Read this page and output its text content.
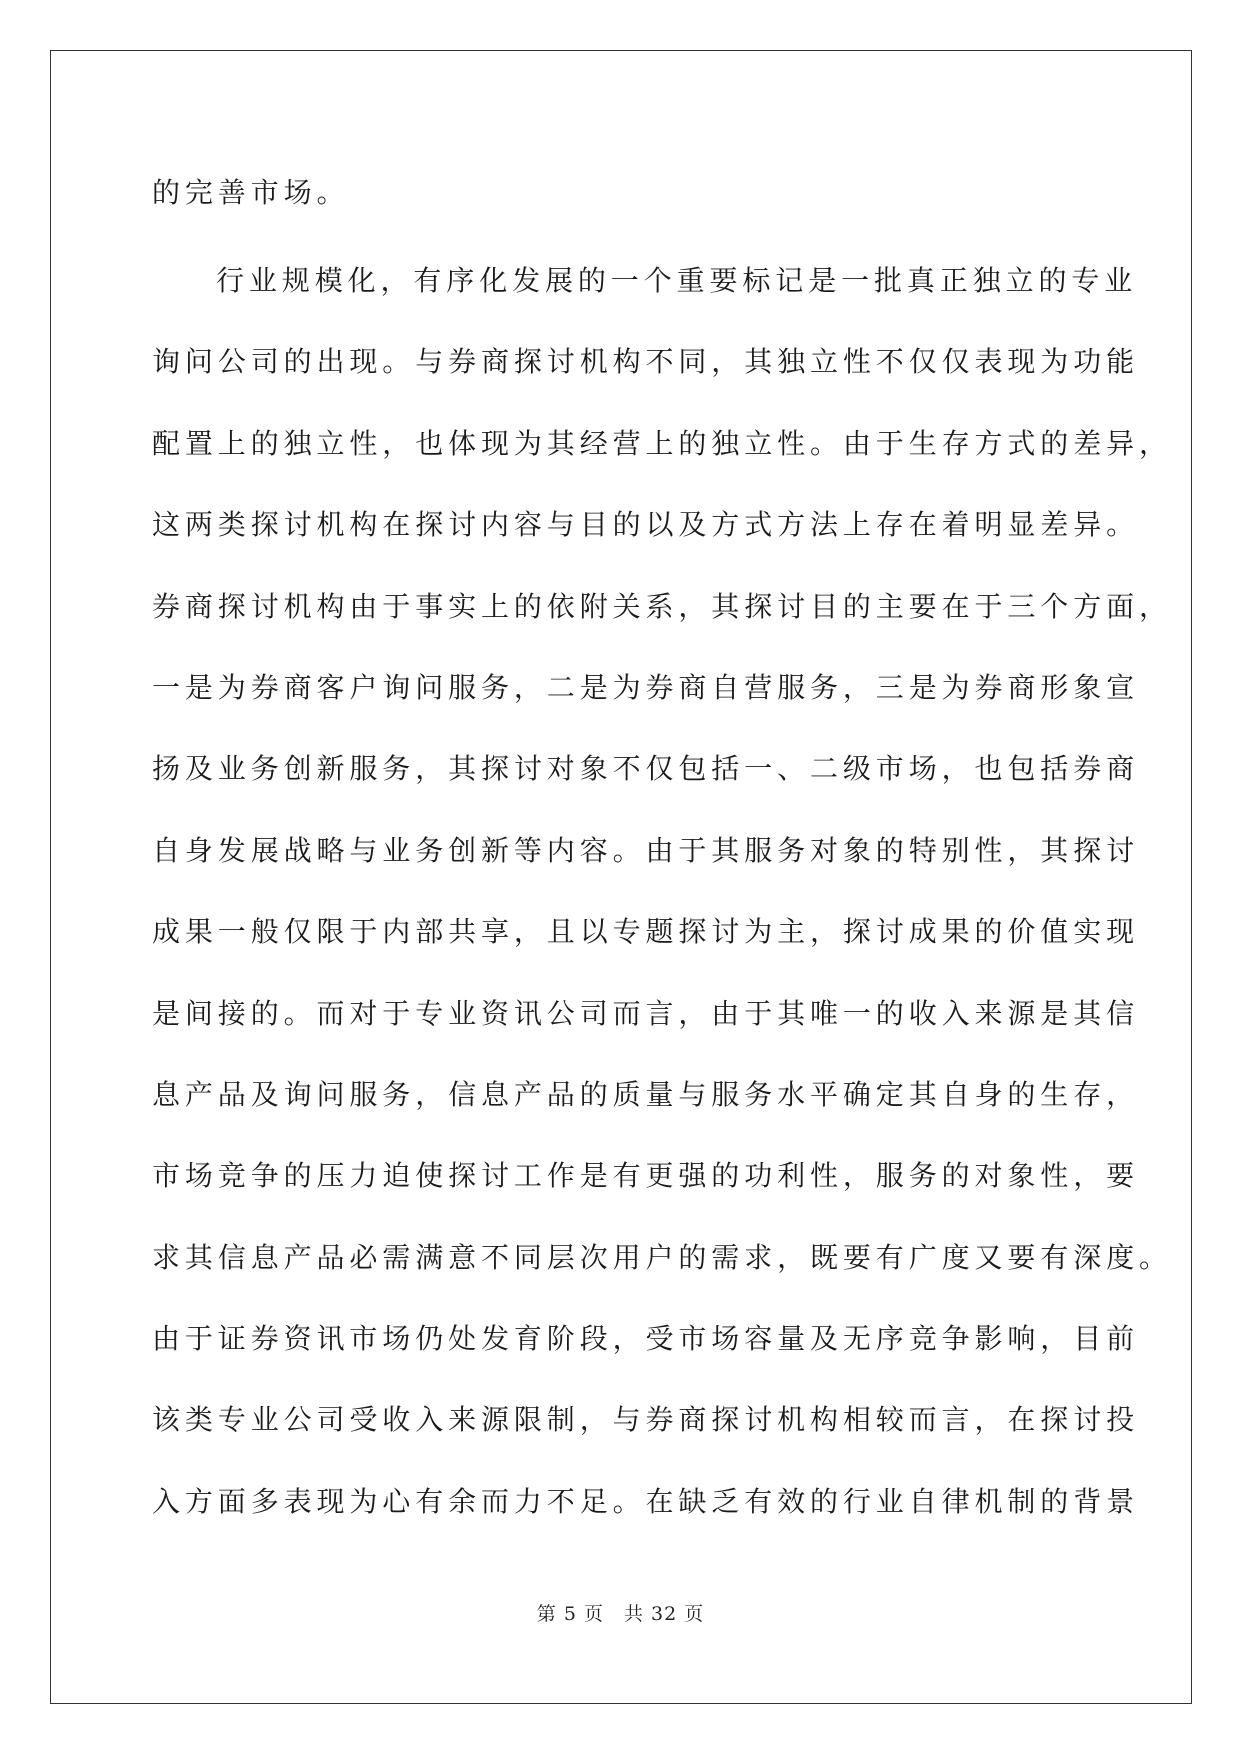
的完善市场。
行业规模化，有序化发展的一个重要标记是一批真正独立的专业
询问公司的出现。与券商探讨机构不同，其独立性不仅仅表现为功能
配置上的独立性，也体现为其经营上的独立性。由于生存方式的差异，
这两类探讨机构在探讨内容与目的以及方式方法上存在着明显差异。
券商探讨机构由于事实上的依附关系，其探讨目的主要在于三个方面，
一是为券商客户询问服务，二是为券商自营服务，三是为券商形象宣
扬及业务创新服务，其探讨对象不仅包括一、二级市场，也包括券商
自身发展战略与业务创新等内容。由于其服务对象的特别性，其探讨
成果一般仅限于内部共享，且以专题探讨为主，探讨成果的价值实现
是间接的。而对于专业资讯公司而言，由于其唯一的收入来源是其信
息产品及询问服务，信息产品的质量与服务水平确定其自身的生存，
市场竞争的压力迫使探讨工作是有更强的功利性，服务的对象性，要
求其信息产品必需满意不同层次用户的需求，既要有广度又要有深度。
由于证券资讯市场仍处发育阶段，受市场容量及无序竞争影响，目前
该类专业公司受收入来源限制，与券商探讨机构相较而言，在探讨投
入方面多表现为心有余而力不足。在缺乏有效的行业自律机制的背景
第 5 页　共 32 页
